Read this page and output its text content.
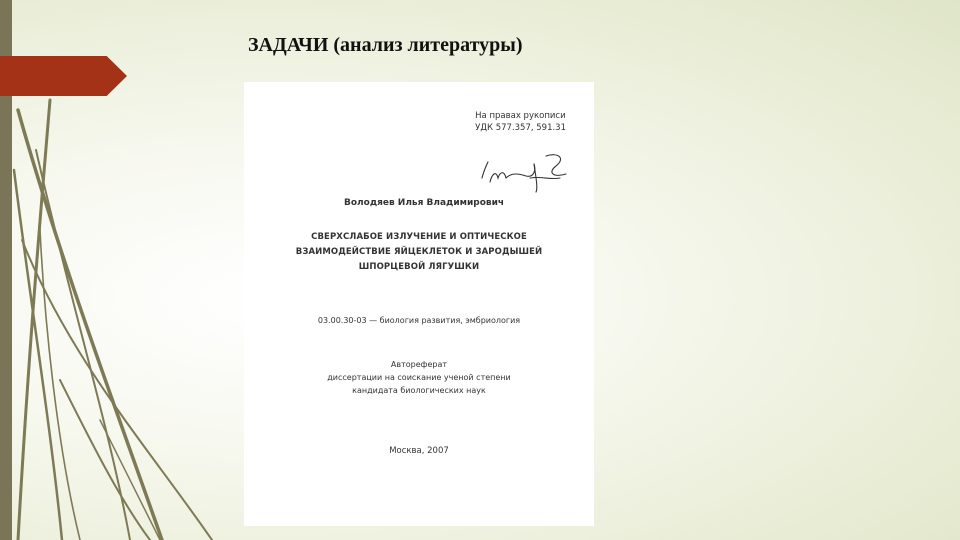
ЗАДАЧИ (анализ литературы)
На правах рукописи
УДК 577.357, 591.31
Володяев Илья Владимирович
СВЕРХСЛАБОЕ ИЗЛУЧЕНИЕ И ОПТИЧЕСКОЕ
ВЗАИМОДЕЙСТВИЕ ЯЙЦЕКЛЕТОК И ЗАРОДЫШЕЙ
ШПОРЦЕВОЙ ЛЯГУШКИ
03.00.30-03 — биология развития, эмбриология
Автореферат
диссертации на соискание ученой степени
кандидата биологических наук
Москва, 2007
